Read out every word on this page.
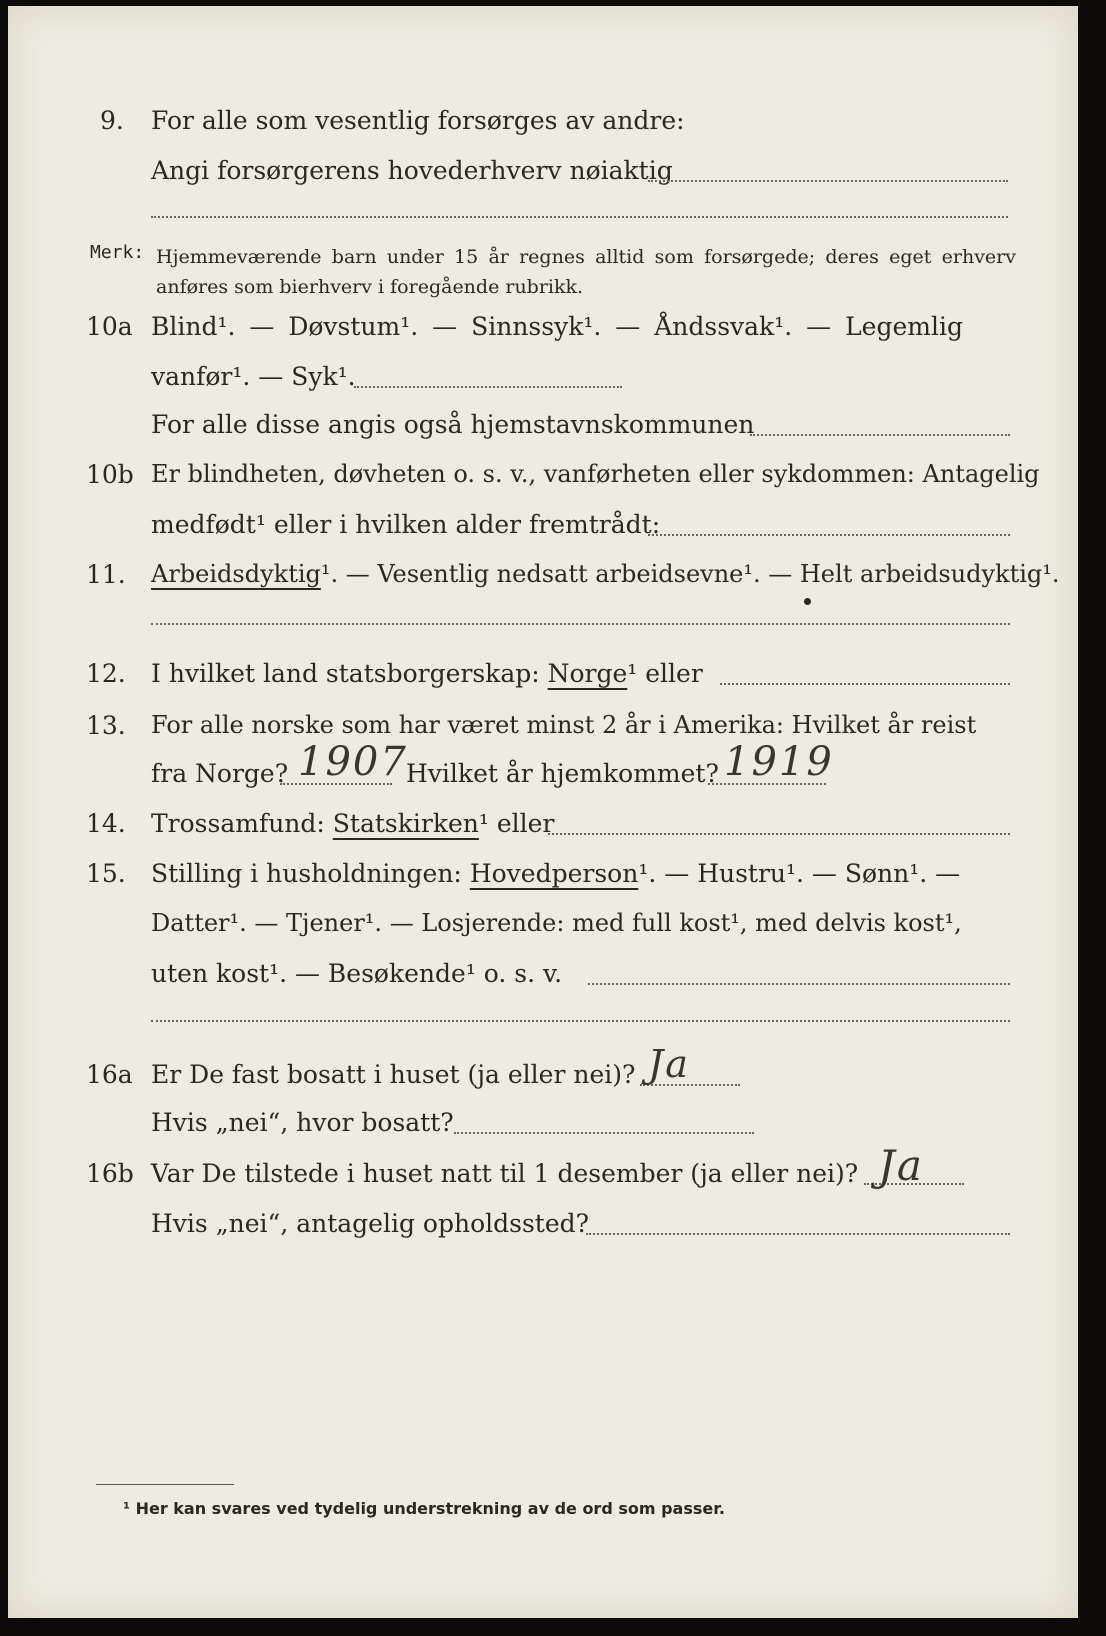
9. For alle som vesentlig forsørges av andre:
Angi forsørgerens hovederhverv nøiaktig
Merk: Hjemmeværende barn under 15 år regnes alltid som forsørgede; deres eget erhverv anføres som bierhverv i foregående rubrikk.
10a Blind¹. — Døvstum¹. — Sinnssyk¹. — Åndssvak¹. — Legemlig
vanfør¹. — Syk¹.
For alle disse angis også hjemstavnskommunen
10b Er blindheten, døvheten o. s. v., vanførheten eller sykdommen: Antagelig
medfødt¹ eller i hvilken alder fremtrådt:
11. Arbeidsdyktig¹. — Vesentlig nedsatt arbeidsevne¹. — Helt arbeidsudyktig¹.
12. I hvilket land statsborgerskap: Norge¹ eller
13. For alle norske som har været minst 2 år i Amerika: Hvilket år reist
fra Norge? 1907
Hvilket år hjemkommet? 1919
14. Trossamfund: Statskirken¹ eller
15. Stilling i husholdningen: Hovedperson¹. — Hustru¹. — Sønn¹. —
Datter¹. — Tjener¹. — Losjerende: med full kost¹, med delvis kost¹,
uten kost¹. — Besøkende¹ o. s. v.
16a Er De fast bosatt i huset (ja eller nei)? Ja
Hvis „nei“, hvor bosatt?
16b Var De tilstede i huset natt til 1 desember (ja eller nei)? Ja
Hvis „nei“, antagelig opholdssted?
¹ Her kan svares ved tydelig understrekning av de ord som passer.
